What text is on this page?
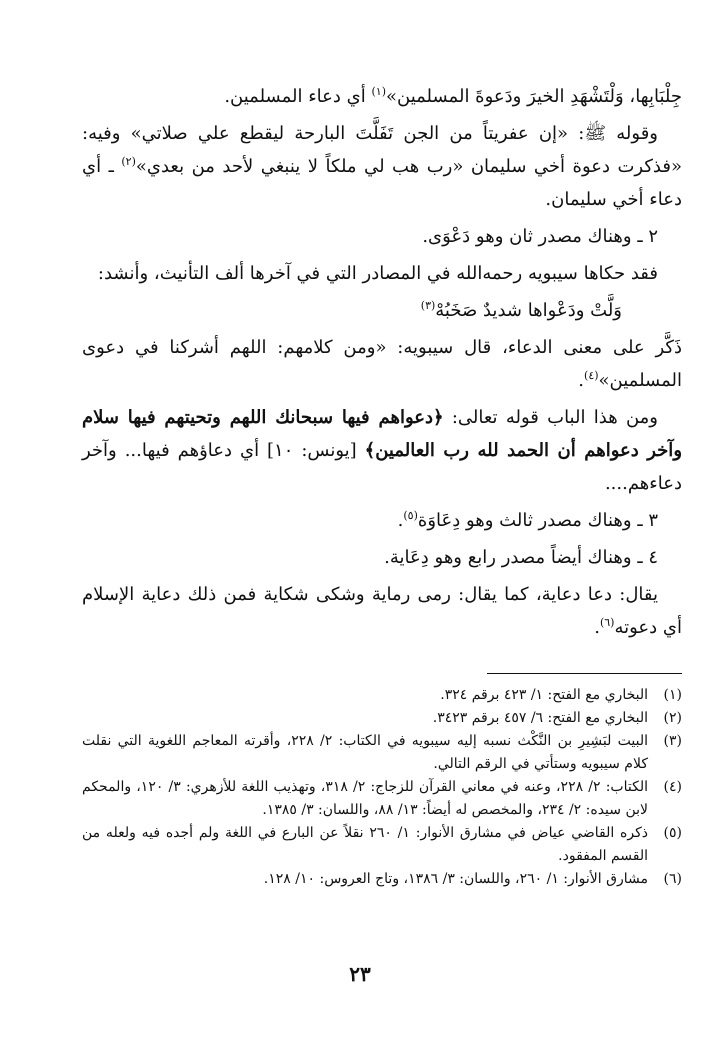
جِلْبَابِها، وَلْتَشْهَدِ الخيرَ ودَعوةَ المسلمين»$^{(١)}$ أي دعاء المسلمين.

وقوله ﷺ: «إن عفريتاً من الجن تَفَلَّتَ البارحة ليقطع علي صلاتي» وفيه: «فذكرت دعوة أخي سليمان «رب هب لي ملكاً لا ينبغي لأحد من بعدي»$^{(٢)}$ ـ أي دعاء أخي سليمان.

٢ ـ وهناك مصدر ثان وهو دَعْوَى.

فقد حكاها سيبويه رحمه‌الله في المصادر التي في آخرها ألف التأنيث، وأنشد:

وَلَّتْ ودَعْواها شديدٌ صَخَبُهْ$^{(٣)}$

ذَكَّر على معنى الدعاء، قال سيبويه: «ومن كلامهم: اللهم أشركنا في دعوى المسلمين»$^{(٤)}$.

ومن هذا الباب قوله تعالى: ﴿دعواهم فيها سبحانك اللهم وتحيتهم فيها سلام وآخر دعواهم أن الحمد لله رب العالمين﴾ [يونس: ١٠] أي دعاؤهم فيها... وآخر دعاءهم....

٣ ـ وهناك مصدر ثالث وهو دِعَاوَة$^{(٥)}$.

٤ ـ وهناك أيضاً مصدر رابع وهو دِعَاية.

يقال: دعا دعاية، كما يقال: رمى رماية وشكى شكاية فمن ذلك دعاية الإسلام أي دعوته$^{(٦)}$.

(١)
البخاري مع الفتح: ١/ ٤٢٣ برقم ٣٢٤.
(٢)
البخاري مع الفتح: ٦/ ٤٥٧ برقم ٣٤٢٣.
(٣)
البيت لبَشِيرِ بن النَّكْث نسبه إليه سيبويه في الكتاب: ٢/ ٢٢٨، وأقرته المعاجم اللغوية التي نقلت كلام سيبويه وستأتي في الرقم التالي.
(٤)
الكتاب: ٢/ ٢٢٨، وعنه في معاني القرآن للزجاج: ٢/ ٣١٨، وتهذيب اللغة للأزهري: ٣/ ١٢٠، والمحكم لابن سيده: ٢/ ٢٣٤، والمخصص له أيضاً: ١٣/ ٨٨، واللسان: ٣/ ١٣٨٥.
(٥)
ذكره القاضي عياض في مشارق الأنوار: ١/ ٢٦٠ نقلاً عن البارع في اللغة ولم أجده فيه ولعله من القسم المفقود.
(٦)
مشارق الأنوار: ١/ ٢٦٠، واللسان: ٣/ ١٣٨٦، وتاج العروس: ١٠/ ١٢٨.
٢٣
